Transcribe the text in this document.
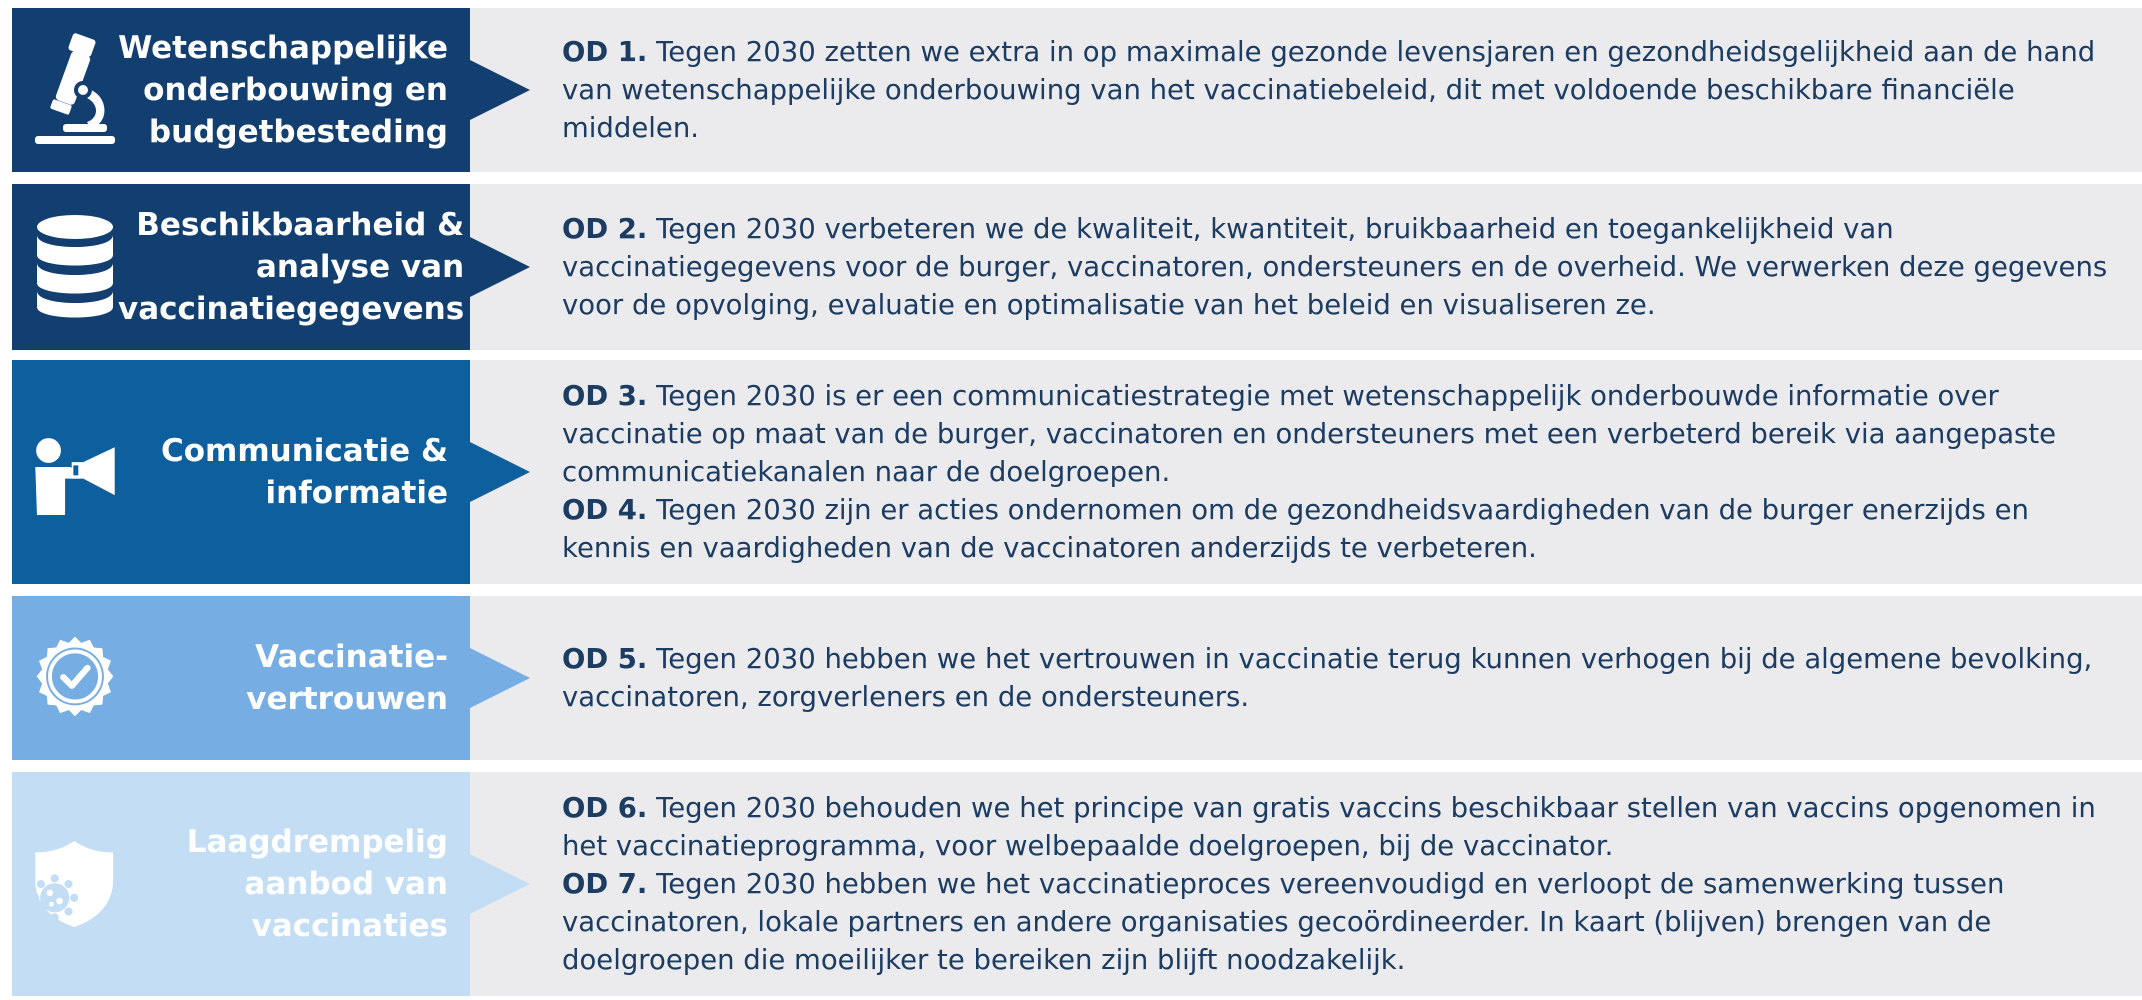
Wetenschappelijke
onderbouwing en
budgetbesteding

OD 1. Tegen 2030 zetten we extra in op maximale gezonde levensjaren en gezondheidsgelijkheid aan de hand van wetenschappelijke onderbouwing van het vaccinatiebeleid, dit met voldoende beschikbare financiële middelen.

Beschikbaarheid &
analyse van
vaccinatiegegevens

OD 2. Tegen 2030 verbeteren we de kwaliteit, kwantiteit, bruikbaarheid en toegankelijkheid van vaccinatiegegevens voor de burger, vaccinatoren, ondersteuners en de overheid. We verwerken deze gegevens voor de opvolging, evaluatie en optimalisatie van het beleid en visualiseren ze.

Communicatie &
informatie

OD 3. Tegen 2030 is er een communicatiestrategie met wetenschappelijk onderbouwde informatie over vaccinatie op maat van de burger, vaccinatoren en ondersteuners met een verbeterd bereik via aangepaste communicatiekanalen naar de doelgroepen.

OD 4. Tegen 2030 zijn er acties ondernomen om de gezondheidsvaardigheden van de burger enerzijds en kennis en vaardigheden van de vaccinatoren anderzijds te verbeteren.

Vaccinatie-
vertrouwen

OD 5. Tegen 2030 hebben we het vertrouwen in vaccinatie terug kunnen verhogen bij de algemene bevolking, vaccinatoren, zorgverleners en de ondersteuners.

Laagdrempelig
aanbod van
vaccinaties

OD 6. Tegen 2030 behouden we het principe van gratis vaccins beschikbaar stellen van vaccins opgenomen in het vaccinatieprogramma, voor welbepaalde doelgroepen, bij de vaccinator.

OD 7. Tegen 2030 hebben we het vaccinatieproces vereenvoudigd en verloopt de samenwerking tussen vaccinatoren, lokale partners en andere organisaties gecoördineerder. In kaart (blijven) brengen van de doelgroepen die moeilijker te bereiken zijn blijft noodzakelijk.
